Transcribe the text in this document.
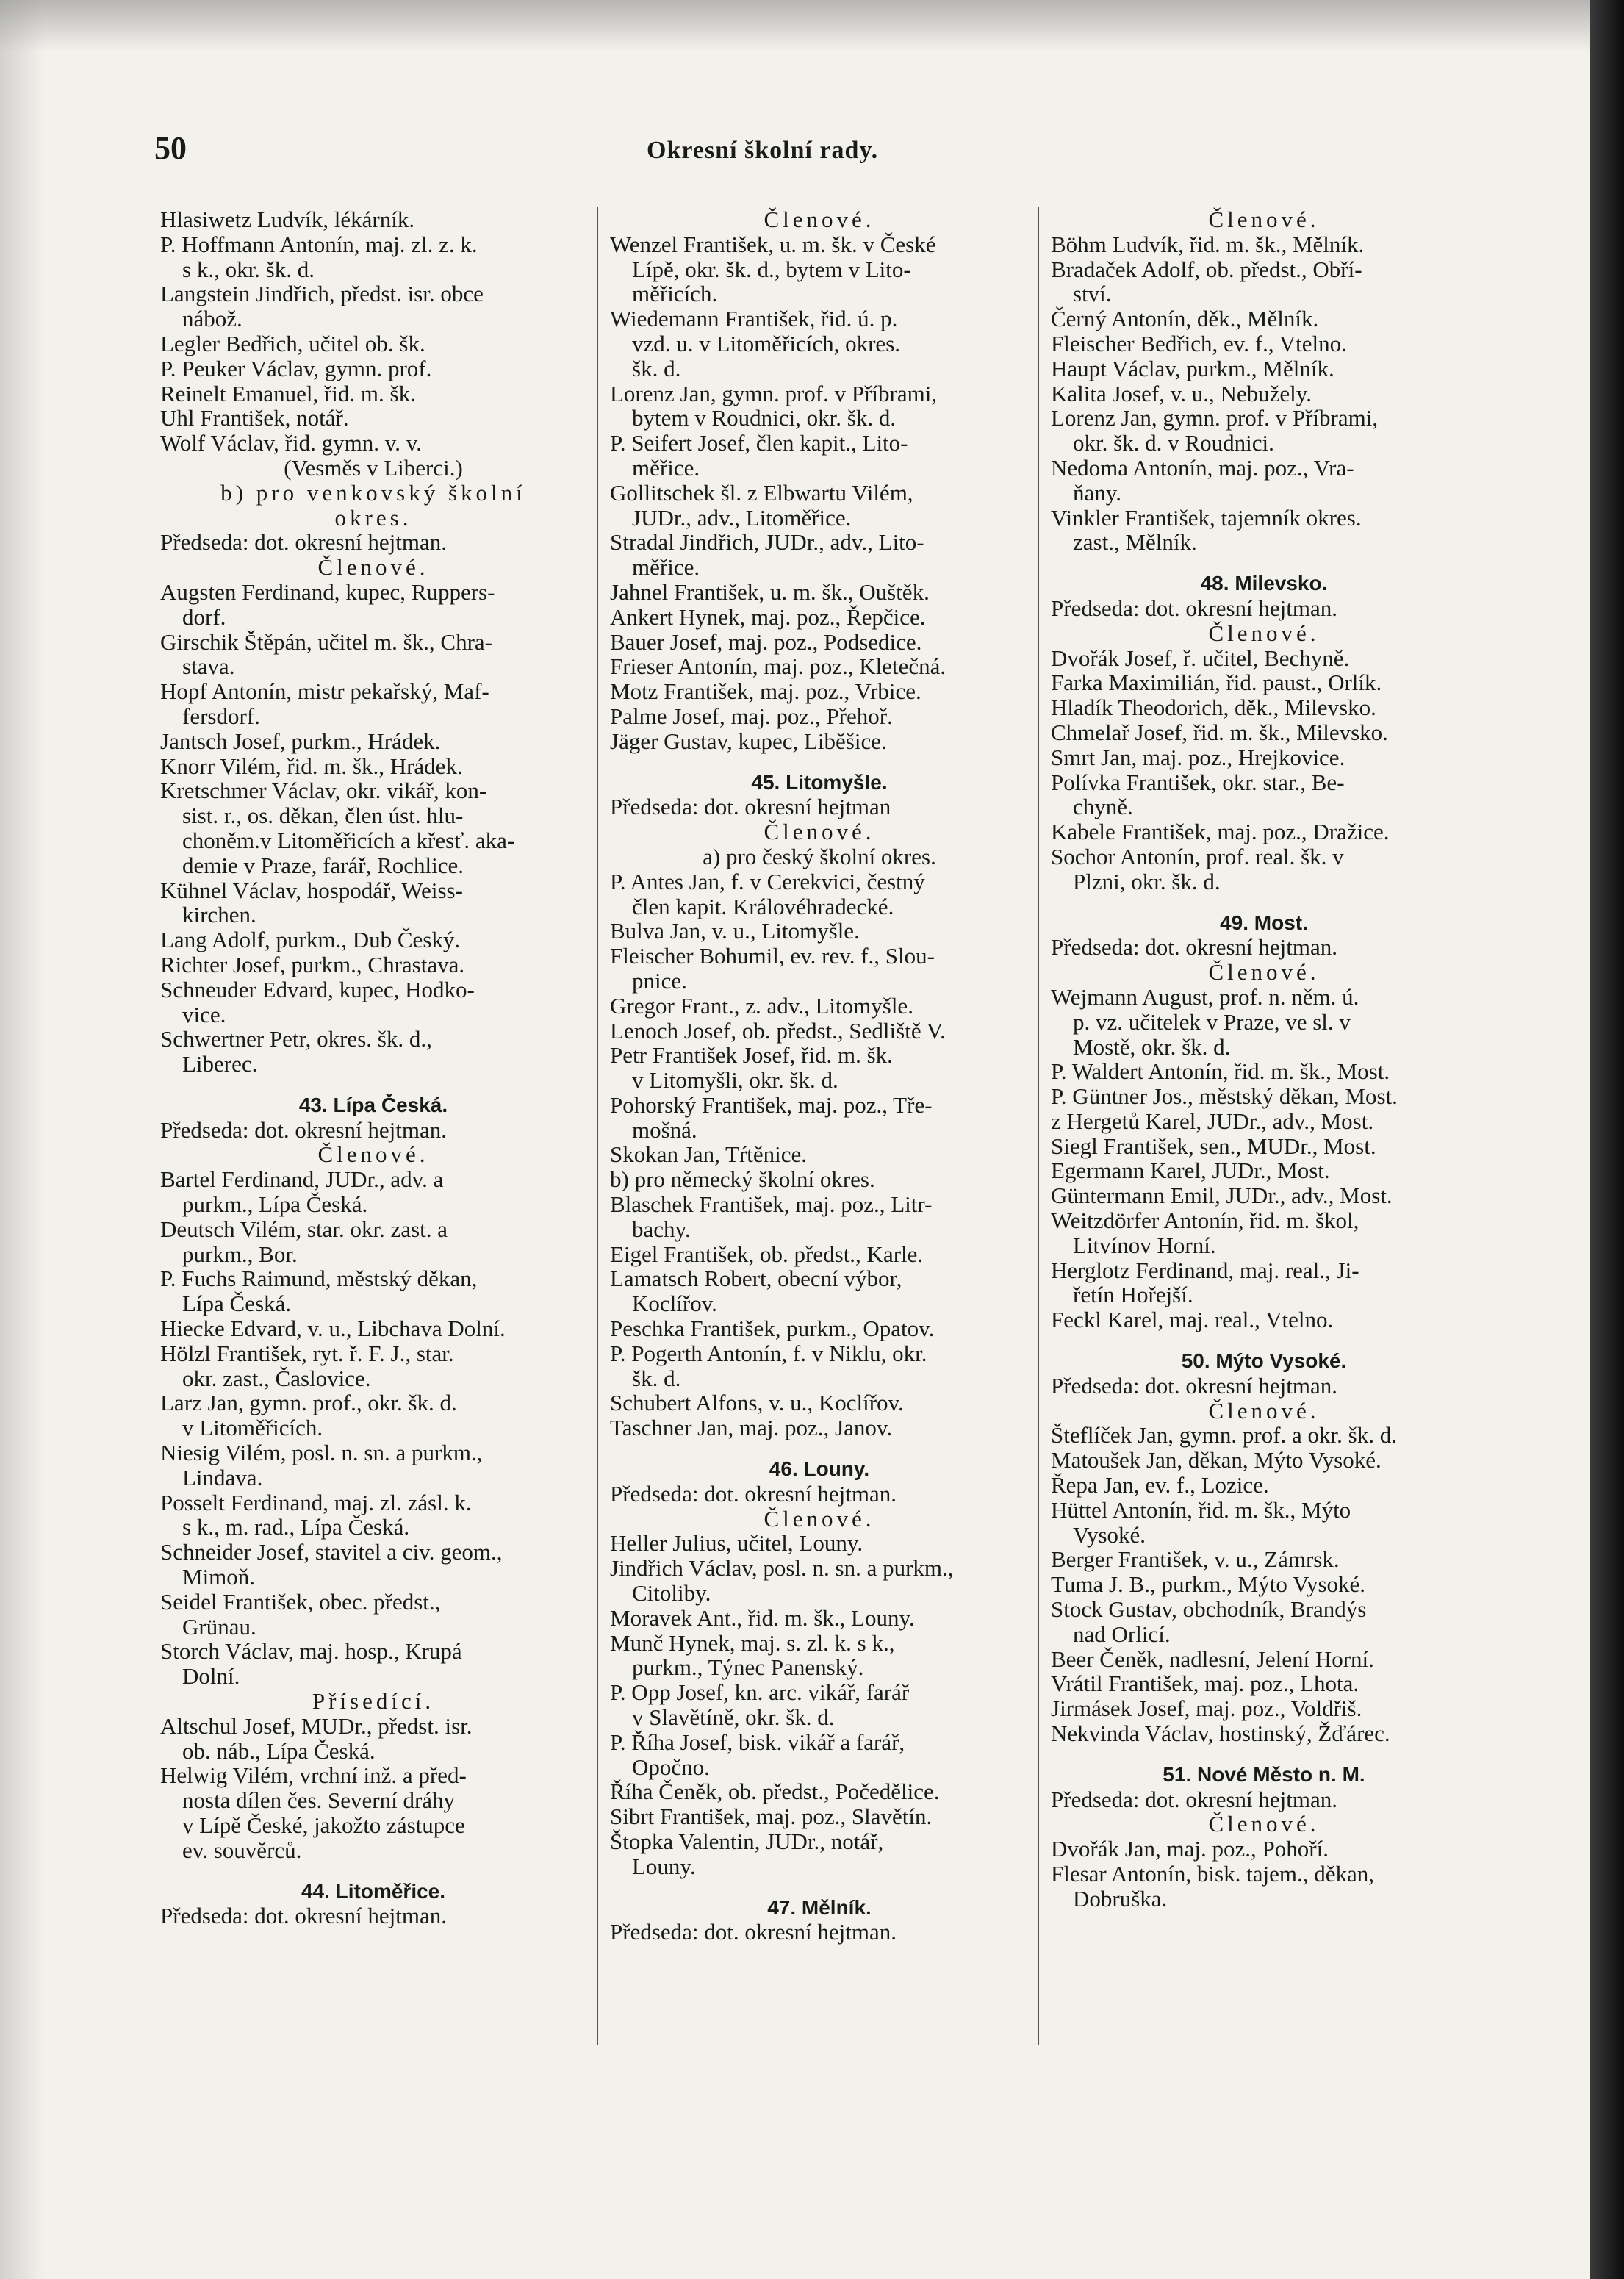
50	Okresní školní rady.
Hlasiwetz Ludvík, lékárník.
P. Hoffmann Antonín, maj. zl. z. k.
s k., okr. šk. d.
Langstein Jindřich, předst. isr. obce
nábož.
Legler Bedřich, učitel ob. šk.
P. Peuker Václav, gymn. prof.
Reinelt Emanuel, řid. m. šk.
Uhl František, notář.
Wolf Václav, řid. gymn. v. v.
(Vesměs v Liberci.)
b) pro venkovský školní
okres.
Předseda: dot. okresní hejtman.
Členové.
Augsten Ferdinand, kupec, Ruppers-
dorf.
Girschik Štěpán, učitel m. šk., Chra-
stava.
Hopf Antonín, mistr pekařský, Maf-
fersdorf.
Jantsch Josef, purkm., Hrádek.
Knorr Vilém, řid. m. šk., Hrádek.
Kretschmer Václav, okr. vikář, kon-
sist. r., os. děkan, člen úst. hlu-
choněm.v Litoměřicích a křesť. aka-
demie v Praze, farář, Rochlice.
Kühnel Václav, hospodář, Weiss-
kirchen.
Lang Adolf, purkm., Dub Český.
Richter Josef, purkm., Chrastava.
Schneuder Edvard, kupec, Hodko-
vice.
Schwertner Petr, okres. šk. d.,
Liberec.
43. Lípa Česká.
Předseda: dot. okresní hejtman.
Členové.
Bartel Ferdinand, JUDr., adv. a
purkm., Lípa Česká.
Deutsch Vilém, star. okr. zast. a
purkm., Bor.
P. Fuchs Raimund, městský děkan,
Lípa Česká.
Hiecke Edvard, v. u., Libchava Dolní.
Hölzl František, ryt. ř. F. J., star.
okr. zast., Časlovice.
Larz Jan, gymn. prof., okr. šk. d.
v Litoměřicích.
Niesig Vilém, posl. n. sn. a purkm.,
Lindava.
Posselt Ferdinand, maj. zl. zásl. k.
s k., m. rad., Lípa Česká.
Schneider Josef, stavitel a civ. geom.,
Mimoň.
Seidel František, obec. předst.,
Grünau.
Storch Václav, maj. hosp., Krupá
Dolní.
Přísedící.
Altschul Josef, MUDr., předst. isr.
ob. náb., Lípa Česká.
Helwig Vilém, vrchní inž. a před-
nosta dílen čes. Severní dráhy
v Lípě České, jakožto zástupce
ev. souvěrců.
44. Litoměřice.
Předseda: dot. okresní hejtman.
Členové.
Wenzel František, u. m. šk. v České
Lípě, okr. šk. d., bytem v Lito-
měřicích.
Wiedemann František, řid. ú. p.
vzd. u. v Litoměřicích, okres.
šk. d.
Lorenz Jan, gymn. prof. v Příbrami,
bytem v Roudnici, okr. šk. d.
P. Seifert Josef, člen kapit., Lito-
měřice.
Gollitschek šl. z Elbwartu Vilém,
JUDr., adv., Litoměřice.
Stradal Jindřich, JUDr., adv., Lito-
měřice.
Jahnel František, u. m. šk., Ouštěk.
Ankert Hynek, maj. poz., Řepčice.
Bauer Josef, maj. poz., Podsedice.
Frieser Antonín, maj. poz., Kletečná.
Motz František, maj. poz., Vrbice.
Palme Josef, maj. poz., Přehoř.
Jäger Gustav, kupec, Liběšice.
45. Litomyšle.
Předseda: dot. okresní hejtman
Členové.
a) pro český školní okres.
P. Antes Jan, f. v Cerekvici, čestný
člen kapit. Královéhradecké.
Bulva Jan, v. u., Litomyšle.
Fleischer Bohumil, ev. rev. f., Slou-
pnice.
Gregor Frant., z. adv., Litomyšle.
Lenoch Josef, ob. předst., Sedliště V.
Petr František Josef, řid. m. šk.
v Litomyšli, okr. šk. d.
Pohorský František, maj. poz., Tře-
mošná.
Skokan Jan, Tŕtěnice.
b) pro německý školní okres.
Blaschek František, maj. poz., Litr-
bachy.
Eigel František, ob. předst., Karle.
Lamatsch Robert, obecní výbor,
Koclířov.
Peschka František, purkm., Opatov.
P. Pogerth Antonín, f. v Niklu, okr.
šk. d.
Schubert Alfons, v. u., Koclířov.
Taschner Jan, maj. poz., Janov.
46. Louny.
Předseda: dot. okresní hejtman.
Členové.
Heller Julius, učitel, Louny.
Jindřich Václav, posl. n. sn. a purkm.,
Citoliby.
Moravek Ant., řid. m. šk., Louny.
Munč Hynek, maj. s. zl. k. s k.,
purkm., Týnec Panenský.
P. Opp Josef, kn. arc. vikář, farář
v Slavětíně, okr. šk. d.
P. Říha Josef, bisk. vikář a farář,
Opočno.
Říha Čeněk, ob. předst., Počedělice.
Sibrt František, maj. poz., Slavětín.
Štopka Valentin, JUDr., notář,
Louny.
47. Mělník.
Předseda: dot. okresní hejtman.
Členové.
Böhm Ludvík, řid. m. šk., Mělník.
Bradaček Adolf, ob. předst., Obří-
ství.
Černý Antonín, děk., Mělník.
Fleischer Bedřich, ev. f., Vtelno.
Haupt Václav, purkm., Mělník.
Kalita Josef, v. u., Nebužely.
Lorenz Jan, gymn. prof. v Příbrami,
okr. šk. d. v Roudnici.
Nedoma Antonín, maj. poz., Vra-
ňany.
Vinkler František, tajemník okres.
zast., Mělník.
48. Milevsko.
Předseda: dot. okresní hejtman.
Členové.
Dvořák Josef, ř. učitel, Bechyně.
Farka Maximilián, řid. paust., Orlík.
Hladík Theodorich, děk., Milevsko.
Chmelař Josef, řid. m. šk., Milevsko.
Smrt Jan, maj. poz., Hrejkovice.
Polívka František, okr. star., Be-
chyně.
Kabele František, maj. poz., Dražice.
Sochor Antonín, prof. real. šk. v
Plzni, okr. šk. d.
49. Most.
Předseda: dot. okresní hejtman.
Členové.
Wejmann August, prof. n. něm. ú.
p. vz. učitelek v Praze, ve sl. v
Mostě, okr. šk. d.
P. Waldert Antonín, řid. m. šk., Most.
P. Güntner Jos., městský děkan, Most.
z Hergetů Karel, JUDr., adv., Most.
Siegl František, sen., MUDr., Most.
Egermann Karel, JUDr., Most.
Güntermann Emil, JUDr., adv., Most.
Weitzdörfer Antonín, řid. m. škol,
Litvínov Horní.
Herglotz Ferdinand, maj. real., Ji-
řetín Hořejší.
Feckl Karel, maj. real., Vtelno.
50. Mýto Vysoké.
Předseda: dot. okresní hejtman.
Členové.
Šteflíček Jan, gymn. prof. a okr. šk. d.
Matoušek Jan, děkan, Mýto Vysoké.
Řepa Jan, ev. f., Lozice.
Hüttel Antonín, řid. m. šk., Mýto
Vysoké.
Berger František, v. u., Zámrsk.
Tuma J. B., purkm., Mýto Vysoké.
Stock Gustav, obchodník, Brandýs
nad Orlicí.
Beer Čeněk, nadlesní, Jelení Horní.
Vrátil František, maj. poz., Lhota.
Jirmásek Josef, maj. poz., Voldřiš.
Nekvinda Václav, hostinský, Žďárec.
51. Nové Město n. M.
Předseda: dot. okresní hejtman.
Členové.
Dvořák Jan, maj. poz., Pohoří.
Flesar Antonín, bisk. tajem., děkan,
Dobruška.
